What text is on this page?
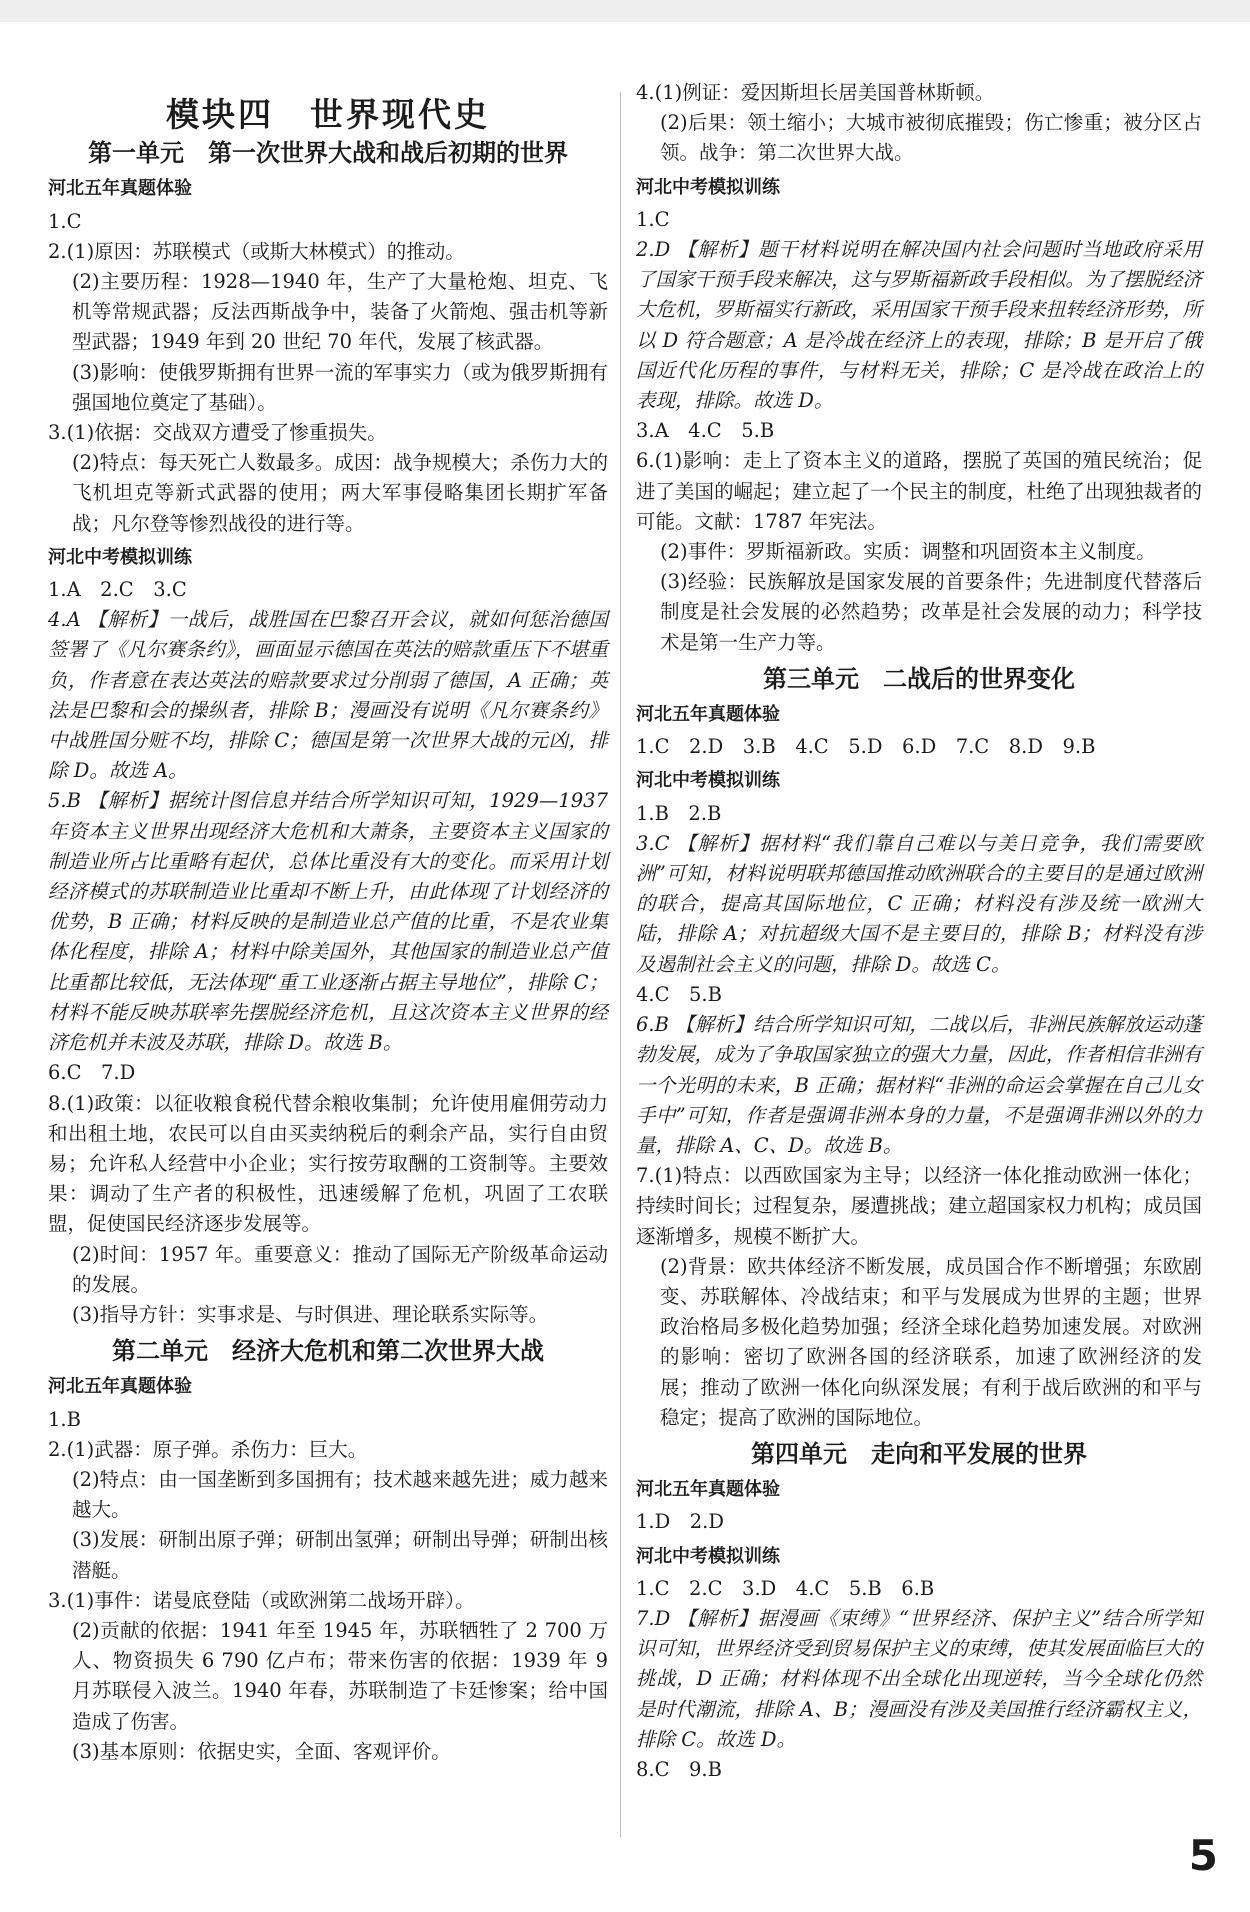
模块四　世界现代史
第一单元　第一次世界大战和战后初期的世界
河北五年真题体验
1.C
2.(1)原因：苏联模式（或斯大林模式）的推动。
(2)主要历程：1928—1940 年，生产了大量枪炮、坦克、飞机等常规武器；反法西斯战争中，装备了火箭炮、强击机等新型武器；1949 年到 20 世纪 70 年代，发展了核武器。
(3)影响：使俄罗斯拥有世界一流的军事实力（或为俄罗斯拥有强国地位奠定了基础）。
3.(1)依据：交战双方遭受了惨重损失。
(2)特点：每天死亡人数最多。成因：战争规模大；杀伤力大的飞机坦克等新式武器的使用；两大军事侵略集团长期扩军备战；凡尔登等惨烈战役的进行等。
河北中考模拟训练
1.A　2.C　3.C
4.A 【解析】一战后，战胜国在巴黎召开会议，就如何惩治德国签署了《凡尔赛条约》，画面显示德国在英法的赔款重压下不堪重负，作者意在表达英法的赔款要求过分削弱了德国，A 正确；英法是巴黎和会的操纵者，排除 B；漫画没有说明《凡尔赛条约》中战胜国分赃不均，排除 C；德国是第一次世界大战的元凶，排除 D。故选 A。
5.B 【解析】据统计图信息并结合所学知识可知，1929—1937 年资本主义世界出现经济大危机和大萧条，主要资本主义国家的制造业所占比重略有起伏，总体比重没有大的变化。而采用计划经济模式的苏联制造业比重却不断上升，由此体现了计划经济的优势，B 正确；材料反映的是制造业总产值的比重，不是农业集体化程度，排除 A；材料中除美国外，其他国家的制造业总产值比重都比较低，无法体现“重工业逐渐占据主导地位”，排除 C；材料不能反映苏联率先摆脱经济危机，且这次资本主义世界的经济危机并未波及苏联，排除 D。故选 B。
6.C　7.D
8.(1)政策：以征收粮食税代替余粮收集制；允许使用雇佣劳动力和出租土地，农民可以自由买卖纳税后的剩余产品，实行自由贸易；允许私人经营中小企业；实行按劳取酬的工资制等。主要效果：调动了生产者的积极性，迅速缓解了危机，巩固了工农联盟，促使国民经济逐步发展等。
(2)时间：1957 年。重要意义：推动了国际无产阶级革命运动的发展。
(3)指导方针：实事求是、与时俱进、理论联系实际等。
第二单元　经济大危机和第二次世界大战
河北五年真题体验
1.B
2.(1)武器：原子弹。杀伤力：巨大。
(2)特点：由一国垄断到多国拥有；技术越来越先进；威力越来越大。
(3)发展：研制出原子弹；研制出氢弹；研制出导弹；研制出核潜艇。
3.(1)事件：诺曼底登陆（或欧洲第二战场开辟）。
(2)贡献的依据：1941 年至 1945 年，苏联牺牲了 2 700 万人、物资损失 6 790 亿卢布；带来伤害的依据：1939 年 9 月苏联侵入波兰。1940 年春，苏联制造了卡廷惨案；给中国造成了伤害。
(3)基本原则：依据史实，全面、客观评价。
4.(1)例证：爱因斯坦长居美国普林斯顿。
(2)后果：领土缩小；大城市被彻底摧毁；伤亡惨重；被分区占领。战争：第二次世界大战。
河北中考模拟训练
1.C
2.D 【解析】题干材料说明在解决国内社会问题时当地政府采用了国家干预手段来解决，这与罗斯福新政手段相似。为了摆脱经济大危机，罗斯福实行新政，采用国家干预手段来扭转经济形势，所以 D 符合题意；A 是冷战在经济上的表现，排除；B 是开启了俄国近代化历程的事件，与材料无关，排除；C 是冷战在政治上的表现，排除。故选 D。
3.A　4.C　5.B
6.(1)影响：走上了资本主义的道路，摆脱了英国的殖民统治；促进了美国的崛起；建立起了一个民主的制度，杜绝了出现独裁者的可能。文献：1787 年宪法。
(2)事件：罗斯福新政。实质：调整和巩固资本主义制度。
(3)经验：民族解放是国家发展的首要条件；先进制度代替落后制度是社会发展的必然趋势；改革是社会发展的动力；科学技术是第一生产力等。
第三单元　二战后的世界变化
河北五年真题体验
1.C　2.D　3.B　4.C　5.D　6.D　7.C　8.D　9.B
河北中考模拟训练
1.B　2.B
3.C 【解析】据材料“我们靠自己难以与美日竞争，我们需要欧洲”可知，材料说明联邦德国推动欧洲联合的主要目的是通过欧洲的联合，提高其国际地位，C 正确；材料没有涉及统一欧洲大陆，排除 A；对抗超级大国不是主要目的，排除 B；材料没有涉及遏制社会主义的问题，排除 D。故选 C。
4.C　5.B
6.B 【解析】结合所学知识可知，二战以后，非洲民族解放运动蓬勃发展，成为了争取国家独立的强大力量，因此，作者相信非洲有一个光明的未来，B 正确；据材料“非洲的命运会掌握在自己儿女手中”可知，作者是强调非洲本身的力量，不是强调非洲以外的力量，排除 A、C、D。故选 B。
7.(1)特点：以西欧国家为主导；以经济一体化推动欧洲一体化；持续时间长；过程复杂，屡遭挑战；建立超国家权力机构；成员国逐渐增多，规模不断扩大。
(2)背景：欧共体经济不断发展，成员国合作不断增强；东欧剧变、苏联解体、冷战结束；和平与发展成为世界的主题；世界政治格局多极化趋势加强；经济全球化趋势加速发展。对欧洲的影响：密切了欧洲各国的经济联系，加速了欧洲经济的发展；推动了欧洲一体化向纵深发展；有利于战后欧洲的和平与稳定；提高了欧洲的国际地位。
第四单元　走向和平发展的世界
河北五年真题体验
1.D　2.D
河北中考模拟训练
1.C　2.C　3.D　4.C　5.B　6.B
7.D 【解析】据漫画《束缚》“世界经济、保护主义”结合所学知识可知，世界经济受到贸易保护主义的束缚，使其发展面临巨大的挑战，D 正确；材料体现不出全球化出现逆转，当今全球化仍然是时代潮流，排除 A、B；漫画没有涉及美国推行经济霸权主义，排除 C。故选 D。
8.C　9.B
5
